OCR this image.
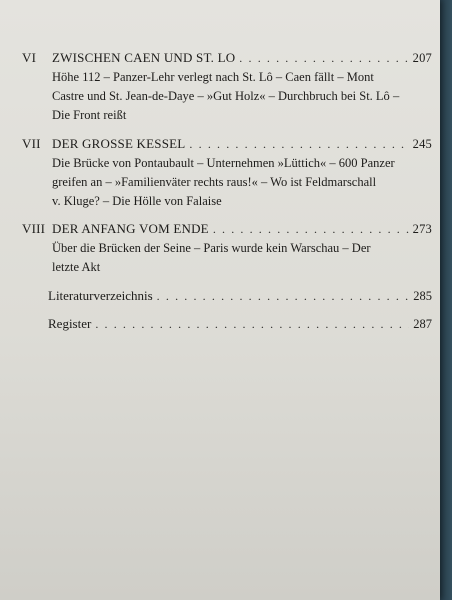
VI	ZWISCHEN CAEN UND ST. LO . . .	207
Höhe 112 – Panzer-Lehr verlegt nach St. Lô – Caen fällt – Mont
Castre und St. Jean-de-Daye – »Gut Holz« – Durchbruch bei St. Lô –
Die Front reißt
VII DER GROSSE KESSEL . . .	245
Die Brücke von Pontaubault – Unternehmen »Lüttich« – 600 Panzer
greifen an – »Familienväter rechts raus!« – Wo ist Feldmarschall
v. Kluge? – Die Hölle von Falaise
VIII DER ANFANG VOM ENDE . . .	273
Über die Brücken der Seine – Paris wurde kein Warschau – Der
letzte Akt
Literaturverzeichnis . . .	285
Register . . .	287
